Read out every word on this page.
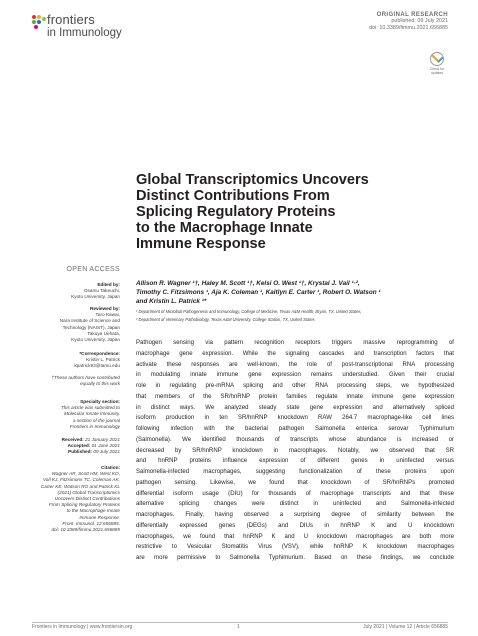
frontiers
in Immunology
ORIGINAL RESEARCH
published: 09 July 2021
doi: 10.3389/fimmu.2021.656885
Check for updates
Global Transcriptomics Uncovers
Distinct Contributions From
Splicing Regulatory Proteins
to the Macrophage Innate
Immune Response
OPEN ACCESS
Edited by:
Osamu Takeuchi,
Kyoto University, Japan
Reviewed by:
Taro Kawai,
Nara Institute of Science and
Technology (NAIST), Japan
Takuya Uehata,
Kyoto University, Japan
*Correspondence:
Kristin L. Patrick
kpatrick93@tamu.edu
†These authors have contributed
equally to this work
Specialty section:
This article was submitted to
Molecular Innate Immunity,
a section of the journal
Frontiers in Immunology
Received: 21 January 2021
Accepted: 01 June 2021
Published: 09 July 2021
Citation:
Wagner AR, Scott HM, West KO,
Vail KJ, Fitzsimons TC, Coleman AK,
Carter KE, Watson RO and Patrick KL
(2021) Global Transcriptomics
Uncovers Distinct Contributions
From Splicing Regulatory Proteins
to the Macrophage Innate
Immune Response.
Front. Immunol. 12:656885.
doi: 10.3389/fimmu.2021.656885
Allison R. Wagner ¹†, Haley M. Scott ¹†, Kelsi O. West ¹†, Krystal J. Vail ¹·²,
Timothy C. Fitzsimons ¹, Aja K. Coleman ¹, Kaitlyn E. Carter ¹, Robert O. Watson ¹
and Kristin L. Patrick ¹*
¹ Department of Microbial Pathogenesis and Immunology, College of Medicine, Texas A&M Health, Bryan, TX, United States,
² Department of Veterinary Pathobiology, Texas A&M University, College Station, TX, United States
Pathogen sensing via pattern recognition receptors triggers massive reprogramming of
macrophage gene expression. While the signaling cascades and transcription factors that
activate these responses are well-known, the role of post-transcriptional RNA processing
in modulating innate immune gene expression remains understudied. Given their crucial
role in regulating pre-mRNA splicing and other RNA processing steps, we hypothesized
that members of the SR/hnRNP protein families regulate innate immune gene expression
in distinct ways. We analyzed steady state gene expression and alternatively spliced
isoform production in ten SR/hnRNP knockdown RAW 264.7 macrophage-like cell lines
following infection with the bacterial pathogen Salmonella enterica serovar Typhimurium
(Salmonella). We identified thousands of transcripts whose abundance is increased or
decreased by SR/hnRNP knockdown in macrophages. Notably, we observed that SR
and hnRNP proteins influence expression of different genes in uninfected versus
Salmonella-infected macrophages, suggesting functionalization of these proteins upon
pathogen sensing. Likewise, we found that knockdown of SR/hnRNPs promoted
differential isoform usage (DIU) for thousands of macrophage transcripts and that these
alternative splicing changes were distinct in uninfected and Salmonella-infected
macrophages. Finally, having observed a surprising degree of similarity between the
differentially expressed genes (DEGs) and DIUs in hnRNP K and U knockdown
macrophages, we found that hnRNP K and U knockdown macrophages are both more
restrictive to Vesicular Stomatitis Virus (VSV), while hnRNP K knockdown macrophages
are more permissive to Salmonella Typhimurium. Based on these findings, we conclude
Frontiers in Immunology | www.frontiersin.org	1	July 2021 | Volume 12 | Article 656885
